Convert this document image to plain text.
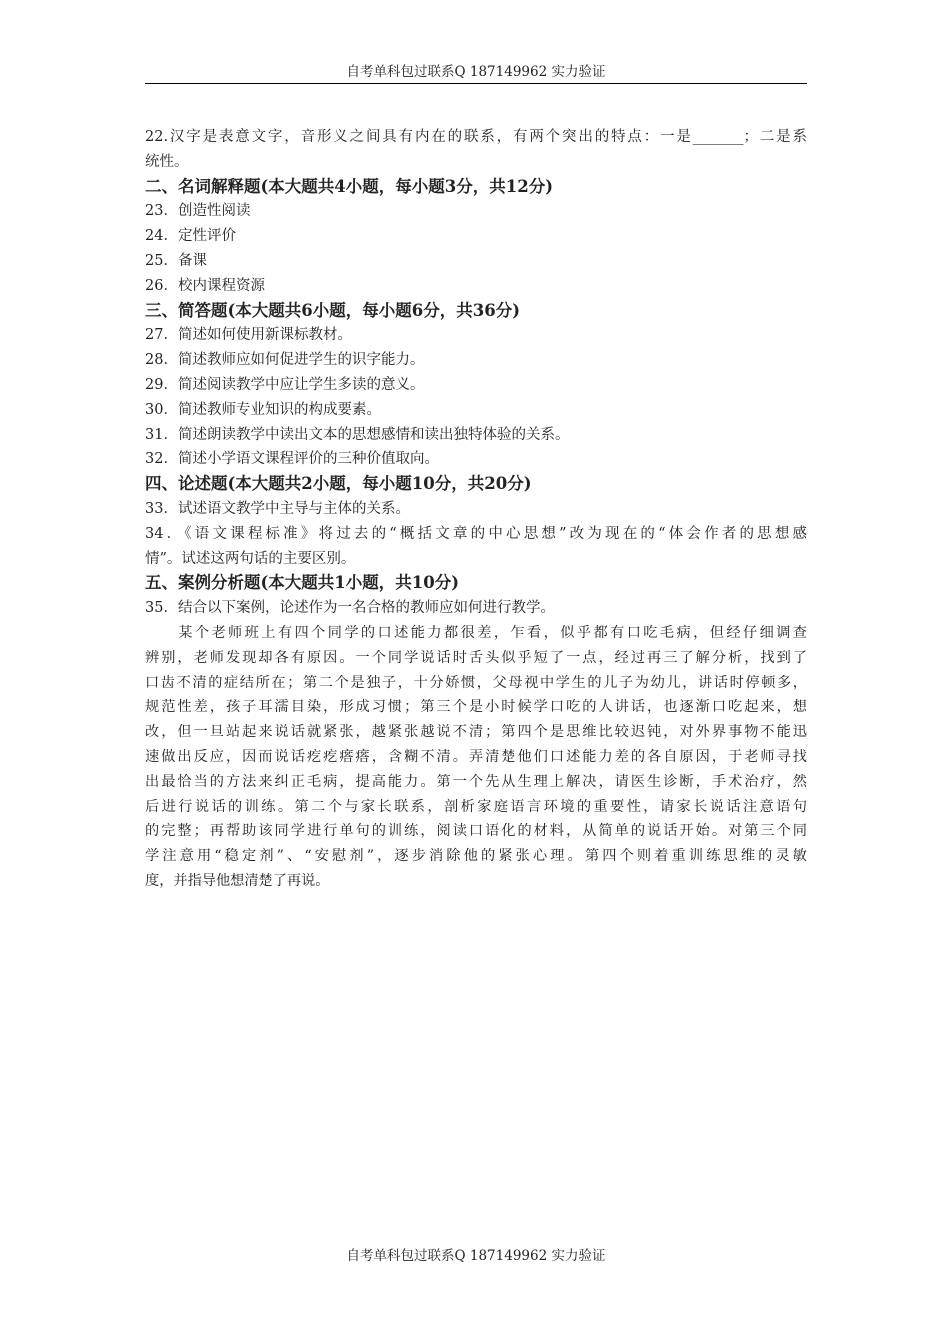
自考单科包过联系Q 187149962 实力验证
22.汉字是表意文字，音形义之间具有内在的联系，有两个突出的特点：一是_______；二是系
统性。
二、名词解释题(本大题共4小题，每小题3分，共12分)
23．创造性阅读
24．定性评价
25．备课
26．校内课程资源
三、简答题(本大题共6小题，每小题6分，共36分)
27．简述如何使用新课标教材。
28．简述教师应如何促进学生的识字能力。
29．简述阅读教学中应让学生多读的意义。
30．简述教师专业知识的构成要素。
31．简述朗读教学中读出文本的思想感情和读出独特体验的关系。
32．简述小学语文课程评价的三种价值取向。
四、论述题(本大题共2小题，每小题10分，共20分)
33．试述语文教学中主导与主体的关系。
34．《语文课程标准》将过去的“概括文章的中心思想”改为现在的“体会作者的思想感
情”。试述这两句话的主要区别。
五、案例分析题(本大题共1小题，共10分)
35．结合以下案例，论述作为一名合格的教师应如何进行教学。
　　某个老师班上有四个同学的口述能力都很差，乍看，似乎都有口吃毛病，但经仔细调查
辨别，老师发现却各有原因。一个同学说话时舌头似乎短了一点，经过再三了解分析，找到了
口齿不清的症结所在；第二个是独子，十分娇惯，父母视中学生的儿子为幼儿，讲话时停顿多，
规范性差，孩子耳濡目染，形成习惯；第三个是小时候学口吃的人讲话，也逐渐口吃起来，想
改，但一旦站起来说话就紧张，越紧张越说不清；第四个是思维比较迟钝，对外界事物不能迅
速做出反应，因而说话疙疙瘩瘩，含糊不清。弄清楚他们口述能力差的各自原因，于老师寻找
出最恰当的方法来纠正毛病，提高能力。第一个先从生理上解决，请医生诊断，手术治疗，然
后进行说话的训练。第二个与家长联系，剖析家庭语言环境的重要性，请家长说话注意语句
的完整；再帮助该同学进行单句的训练，阅读口语化的材料，从简单的说话开始。对第三个同
学注意用“稳定剂”、“安慰剂”，逐步消除他的紧张心理。第四个则着重训练思维的灵敏
度，并指导他想清楚了再说。
自考单科包过联系Q 187149962 实力验证
